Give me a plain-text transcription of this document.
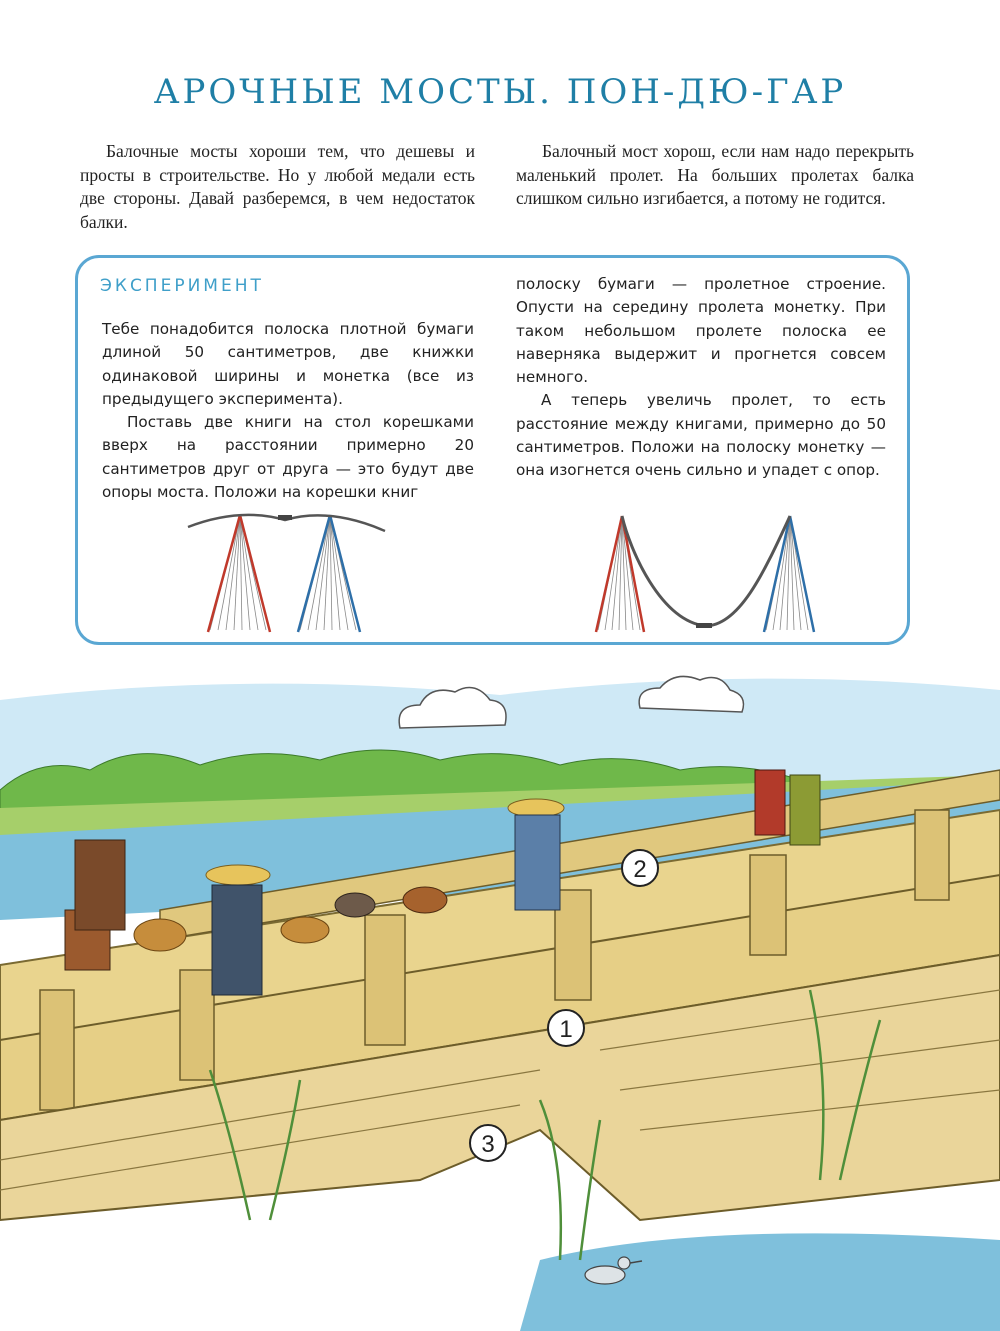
АРОЧНЫЕ МОСТЫ. ПОН-ДЮ-ГАР

Балочные мосты хороши тем, что дешевы и просты в строительстве. Но у любой медали есть две стороны. Давай разберемся, в чем недостаток балки.

Балочный мост хорош, если нам надо перекрыть маленький пролет. На больших пролетах балка слишком сильно изгибается, а потому не годится.

ЭКСПЕРИМЕНТ

Тебе понадобится полоска плотной бумаги длиной 50 сантиметров, две книжки одинаковой ширины и монетка (все из предыдущего эксперимента).

Поставь две книги на стол корешками вверх на расстоянии примерно 20 сантиметров друг от друга — это будут две опоры моста. Положи на корешки книг

полоску бумаги — пролетное строение. Опусти на середину пролета монетку. При таком небольшом пролете полоска ее наверняка выдержит и прогнется совсем немного.

А теперь увеличь пролет, то есть расстояние между книгами, примерно до 50 сантиметров. Положи на полоску монетку — она изогнется очень сильно и упадет с опор.

1
2
3
